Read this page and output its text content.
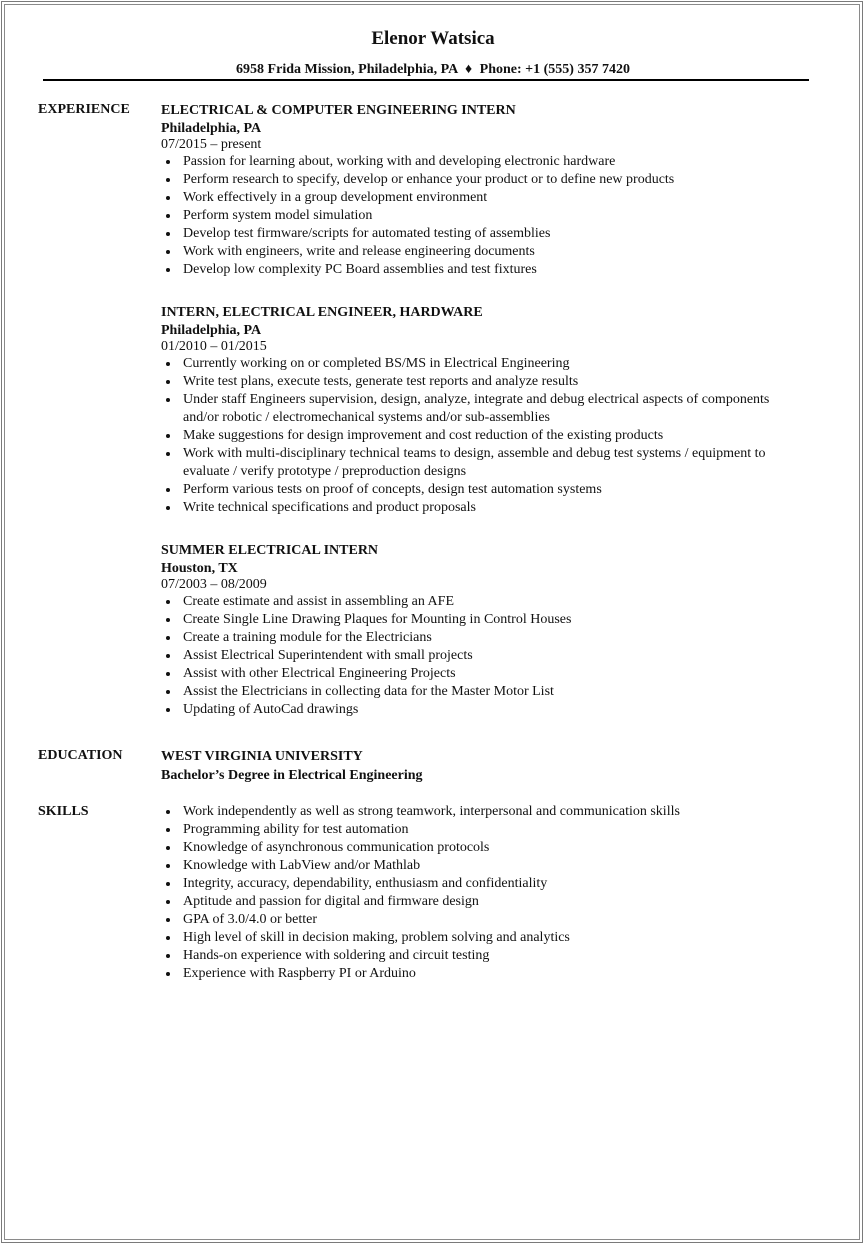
Elenor Watsica
6958 Frida Mission, Philadelphia, PA ♦ Phone: +1 (555) 357 7420
EXPERIENCE ELECTRICAL & COMPUTER ENGINEERING INTERN
Philadelphia, PA
07/2015 – present
Passion for learning about, working with and developing electronic hardware
Perform research to specify, develop or enhance your product or to define new products
Work effectively in a group development environment
Perform system model simulation
Develop test firmware/scripts for automated testing of assemblies
Work with engineers, write and release engineering documents
Develop low complexity PC Board assemblies and test fixtures
INTERN, ELECTRICAL ENGINEER, HARDWARE
Philadelphia, PA
01/2010 – 01/2015
Currently working on or completed BS/MS in Electrical Engineering
Write test plans, execute tests, generate test reports and analyze results
Under staff Engineers supervision, design, analyze, integrate and debug electrical aspects of components and/or robotic / electromechanical systems and/or sub-assemblies
Make suggestions for design improvement and cost reduction of the existing products
Work with multi-disciplinary technical teams to design, assemble and debug test systems / equipment to evaluate / verify prototype / preproduction designs
Perform various tests on proof of concepts, design test automation systems
Write technical specifications and product proposals
SUMMER ELECTRICAL INTERN
Houston, TX
07/2003 – 08/2009
Create estimate and assist in assembling an AFE
Create Single Line Drawing Plaques for Mounting in Control Houses
Create a training module for the Electricians
Assist Electrical Superintendent with small projects
Assist with other Electrical Engineering Projects
Assist the Electricians in collecting data for the Master Motor List
Updating of AutoCad drawings
EDUCATION	WEST VIRGINIA UNIVERSITY
Bachelor’s Degree in Electrical Engineering
SKILLS	Work independently as well as strong teamwork, interpersonal and communication skills
Programming ability for test automation
Knowledge of asynchronous communication protocols
Knowledge with LabView and/or Mathlab
Integrity, accuracy, dependability, enthusiasm and confidentiality
Aptitude and passion for digital and firmware design
GPA of 3.0/4.0 or better
High level of skill in decision making, problem solving and analytics
Hands-on experience with soldering and circuit testing
Experience with Raspberry PI or Arduino
